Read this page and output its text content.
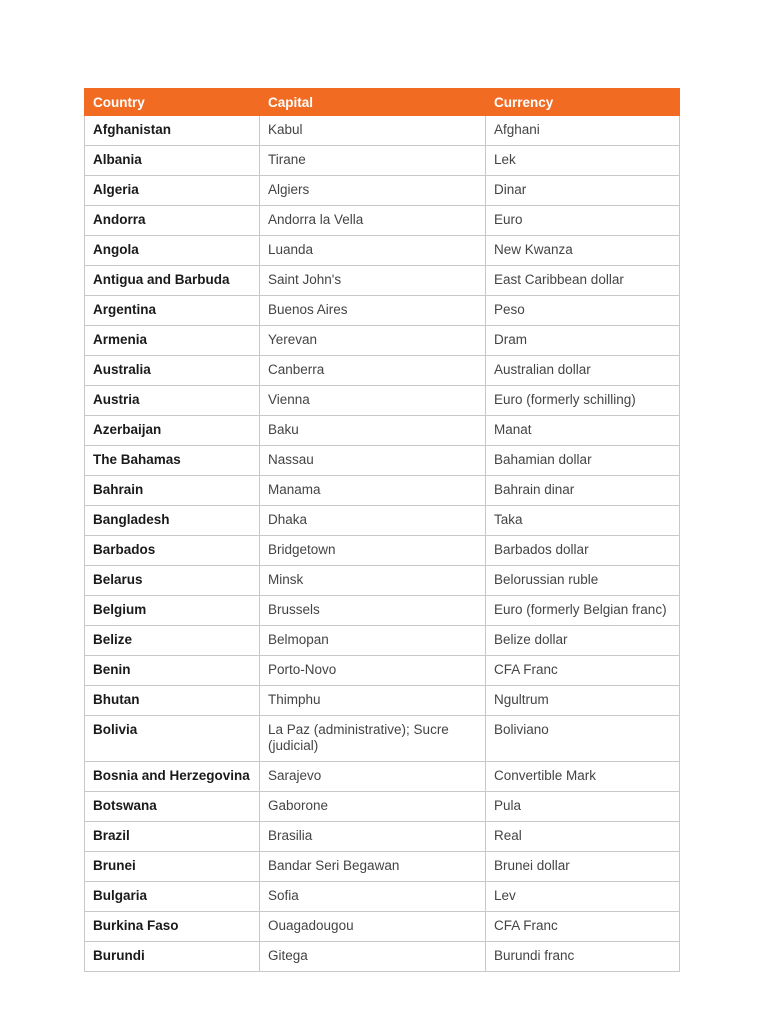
Country	Capital	Currency
Afghanistan	Kabul	Afghani
Albania	Tirane	Lek
Algeria	Algiers	Dinar
Andorra	Andorra la Vella	Euro
Angola	Luanda	New Kwanza
Antigua and Barbuda	Saint John's	East Caribbean dollar
Argentina	Buenos Aires	Peso
Armenia	Yerevan	Dram
Australia	Canberra	Australian dollar
Austria	Vienna	Euro (formerly schilling)
Azerbaijan	Baku	Manat
The Bahamas	Nassau	Bahamian dollar
Bahrain	Manama	Bahrain dinar
Bangladesh	Dhaka	Taka
Barbados	Bridgetown	Barbados dollar
Belarus	Minsk	Belorussian ruble
Belgium	Brussels	Euro (formerly Belgian franc)
Belize	Belmopan	Belize dollar
Benin	Porto-Novo	CFA Franc
Bhutan	Thimphu	Ngultrum
Bolivia	La Paz (administrative); Sucre (judicial)	Boliviano
Bosnia and Herzegovina	Sarajevo	Convertible Mark
Botswana	Gaborone	Pula
Brazil	Brasilia	Real
Brunei	Bandar Seri Begawan	Brunei dollar
Bulgaria	Sofia	Lev
Burkina Faso	Ouagadougou	CFA Franc
Burundi	Gitega	Burundi franc
